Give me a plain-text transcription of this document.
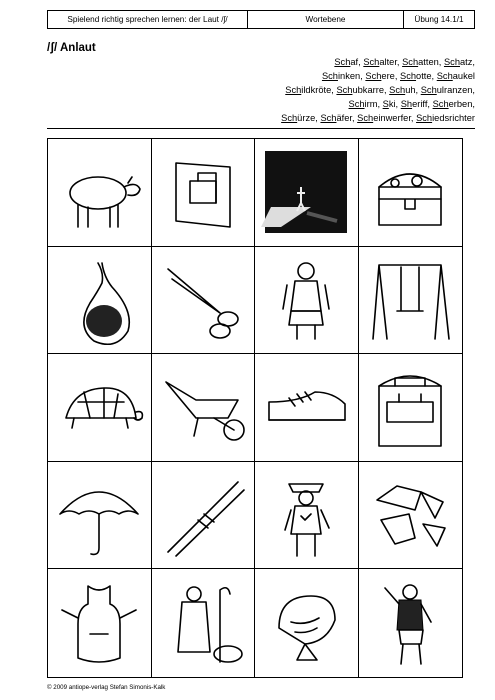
Spielend richtig sprechen lernen: der Laut /ʃ/	Wortebene	Übung 14.1/1
/ʃ/ Anlaut
Schaf, Schalter, Schatten, Schatz,
Schinken, Schere, Schotte, Schaukel
Schildkröte, Schubkarre, Schuh, Schulranzen,
Schirm, Ski, Sheriff, Scherben,
Schürze, Schäfer, Scheinwerfer, Schiedsrichter
© 2009 antiope-verlag Stefan Simonis-Kalk
